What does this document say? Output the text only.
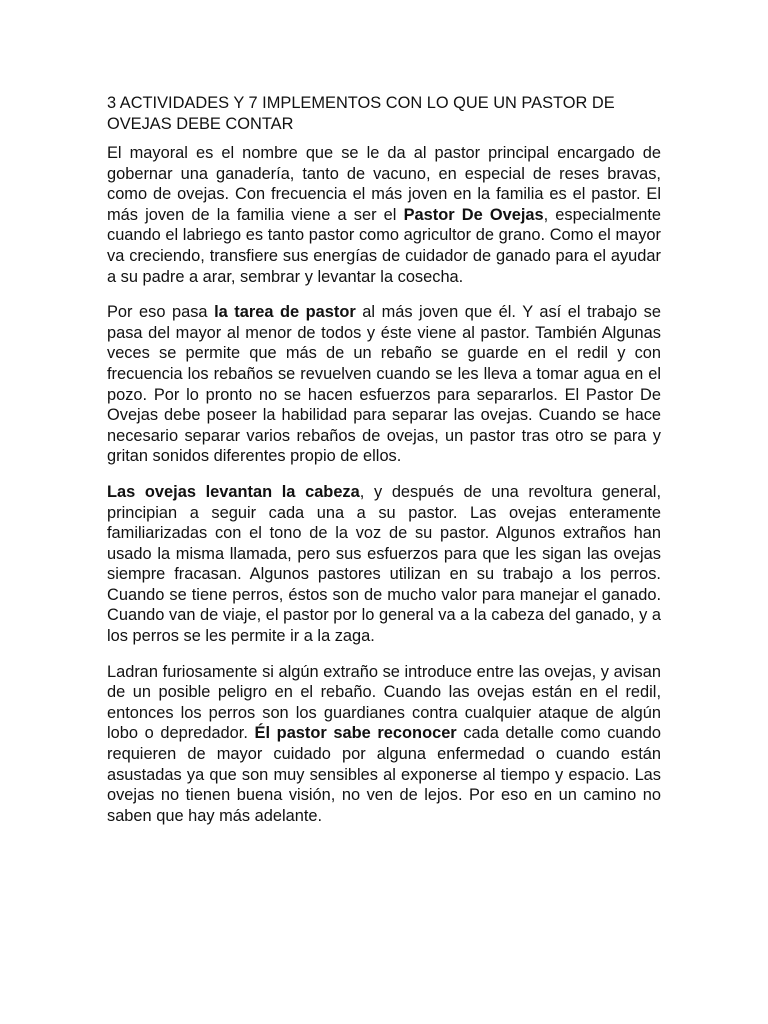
3 ACTIVIDADES Y 7 IMPLEMENTOS CON LO QUE UN PASTOR DE OVEJAS DEBE CONTAR

El mayoral es el nombre que se le da al pastor principal encargado de gobernar una ganadería, tanto de vacuno, en especial de reses bravas, como de ovejas. Con frecuencia el más joven en la familia es el pastor. El más joven de la familia viene a ser el Pastor De Ovejas, especialmente cuando el labriego es tanto pastor como agricultor de grano. Como el mayor va creciendo, transfiere sus energías de cuidador de ganado para el ayudar a su padre a arar, sembrar y levantar la cosecha.

Por eso pasa la tarea de pastor al más joven que él. Y así el trabajo se pasa del mayor al menor de todos y éste viene al pastor. También Algunas veces se permite que más de un rebaño se guarde en el redil y con frecuencia los rebaños se revuelven cuando se les lleva a tomar agua en el pozo. Por lo pronto no se hacen esfuerzos para separarlos. El Pastor De Ovejas debe poseer la habilidad para separar las ovejas. Cuando se hace necesario separar varios rebaños de ovejas, un pastor tras otro se para y gritan sonidos diferentes propio de ellos.

Las ovejas levantan la cabeza, y después de una revoltura general, principian a seguir cada una a su pastor. Las ovejas enteramente familiarizadas con el tono de la voz de su pastor. Algunos extraños han usado la misma llamada, pero sus esfuerzos para que les sigan las ovejas siempre fracasan. Algunos pastores utilizan en su trabajo a los perros. Cuando se tiene perros, éstos son de mucho valor para manejar el ganado. Cuando van de viaje, el pastor por lo general va a la cabeza del ganado, y a los perros se les permite ir a la zaga.

Ladran furiosamente si algún extraño se introduce entre las ovejas, y avisan de un posible peligro en el rebaño. Cuando las ovejas están en el redil, entonces los perros son los guardianes contra cualquier ataque de algún lobo o depredador. Él pastor sabe reconocer cada detalle como cuando requieren de mayor cuidado por alguna enfermedad o cuando están asustadas ya que son muy sensibles al exponerse al tiempo y espacio. Las ovejas no tienen buena visión, no ven de lejos. Por eso en un camino no saben que hay más adelante.
